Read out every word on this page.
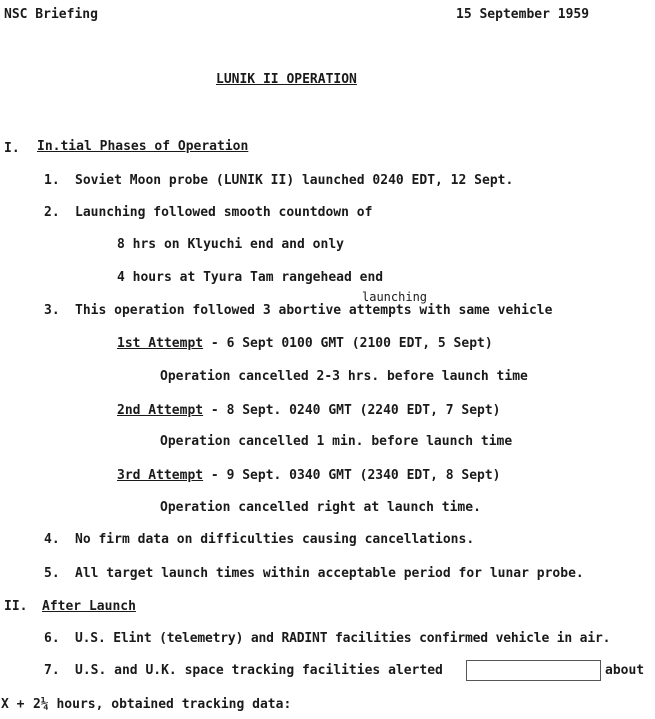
NSC Briefing	15 September 1959
LUNIK II OPERATION
I. In.tial Phases of Operation
1. Soviet Moon probe (LUNIK II) launched 0240 EDT, 12 Sept.
2. Launching followed smooth countdown of
8 hrs on Klyuchi end and only
4 hours at Tyura Tam rangehead end
launching
3. This operation followed 3 abortive attempts with same vehicle
1st Attempt - 6 Sept 0100 GMT (2100 EDT, 5 Sept)
Operation cancelled 2-3 hrs. before launch time
2nd Attempt - 8 Sept. 0240 GMT (2240 EDT, 7 Sept)
Operation cancelled 1 min. before launch time
3rd Attempt - 9 Sept. 0340 GMT (2340 EDT, 8 Sept)
Operation cancelled right at launch time.
4. No firm data on difficulties causing cancellations.
5. All target launch times within acceptable period for lunar probe.
II. After Launch
6. U.S. Elint (telemetry) and RADINT facilities confirmed vehicle in air.
7. U.S. and U.K. space tracking facilities alerted	about
X + 2¼ hours, obtained tracking data:
